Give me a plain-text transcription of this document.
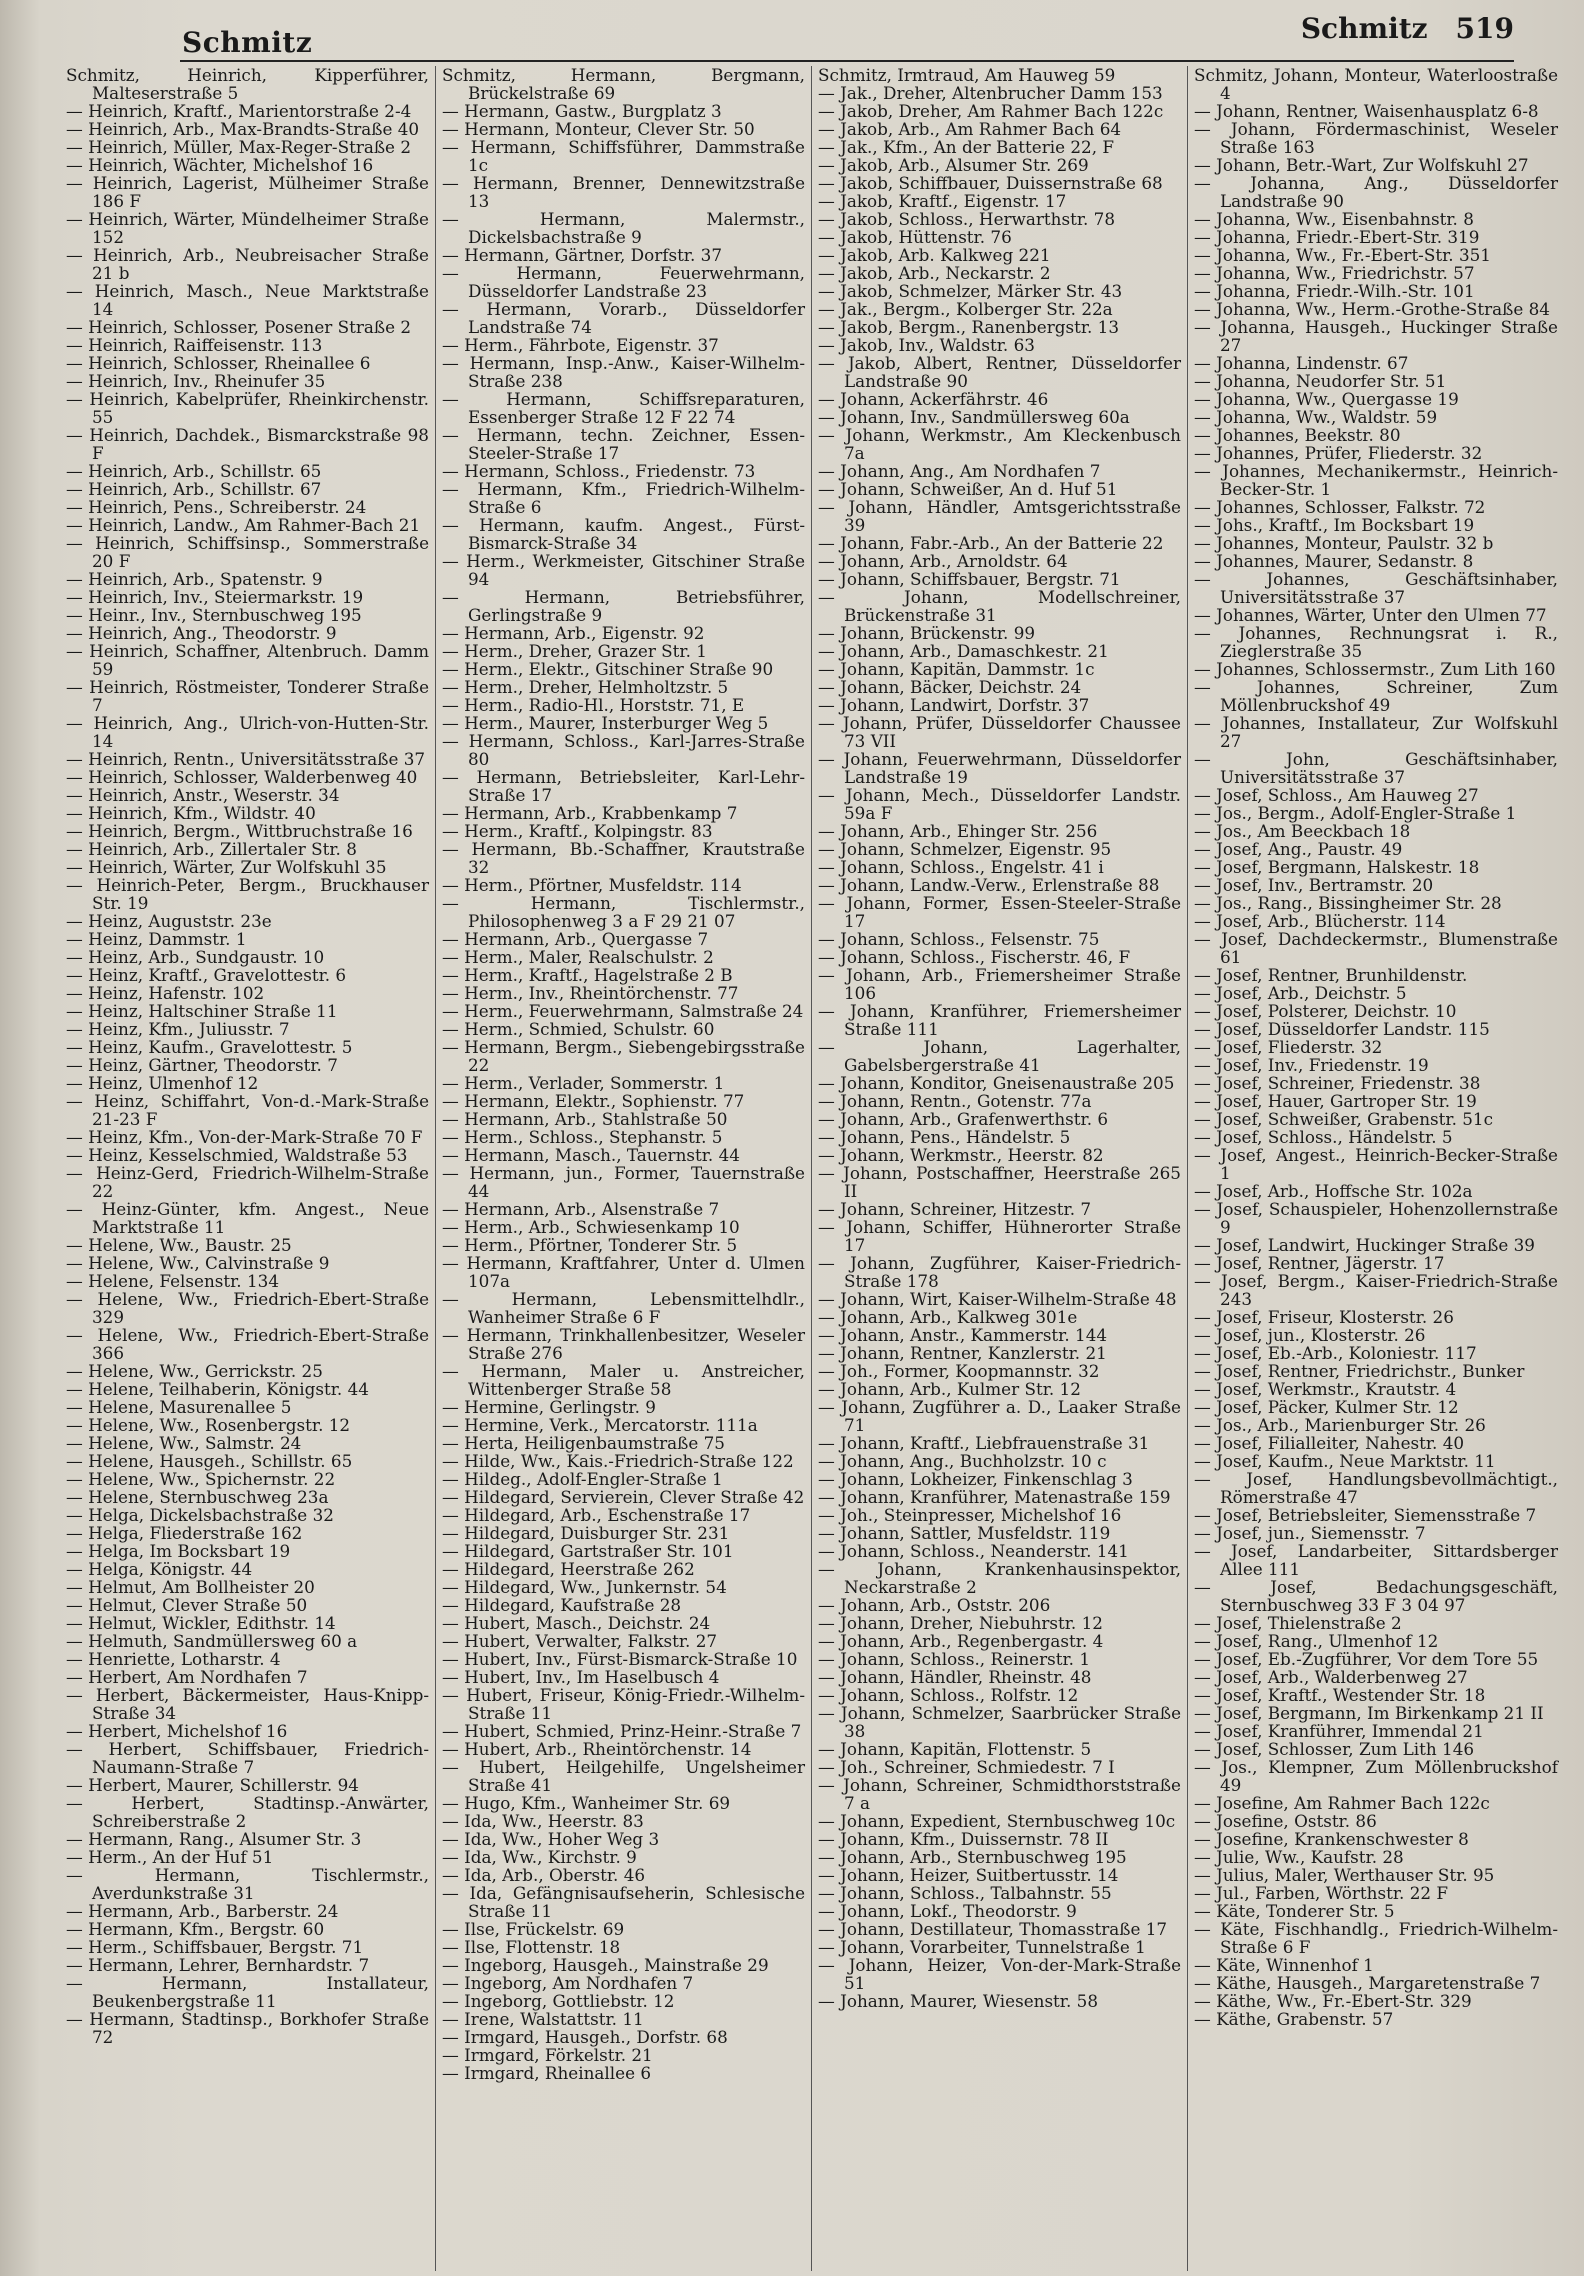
Schmitz	Schmitz 519
Schmitz, Heinrich, Kipperführer, Malteserstraße 5
— Heinrich, Kraftf., Marientorstraße 2-4
— Heinrich, Arb., Max-Brandts-Straße 40
— Heinrich, Müller, Max-Reger-Straße 2
— Heinrich, Wächter, Michelshof 16
— Heinrich, Lagerist, Mülheimer Straße 186 F
— Heinrich, Wärter, Mündelheimer Straße 152
— Heinrich, Arb., Neubreisacher Straße 21 b
— Heinrich, Masch., Neue Marktstraße 14
— Heinrich, Schlosser, Posener Straße 2
— Heinrich, Raiffeisenstr. 113
— Heinrich, Schlosser, Rheinallee 6
— Heinrich, Inv., Rheinufer 35
— Heinrich, Kabelprüfer, Rheinkirchenstr. 55
— Heinrich, Dachdek., Bismarckstraße 98 F
— Heinrich, Arb., Schillstr. 65
— Heinrich, Arb., Schillstr. 67
— Heinrich, Pens., Schreiberstr. 24
— Heinrich, Landw., Am Rahmer-Bach 21
— Heinrich, Schiffsinsp., Sommerstraße 20 F
— Heinrich, Arb., Spatenstr. 9
— Heinrich, Inv., Steiermarkstr. 19
— Heinr., Inv., Sternbuschweg 195
— Heinrich, Ang., Theodorstr. 9
— Heinrich, Schaffner, Altenbruch. Damm 59
— Heinrich, Röstmeister, Tonderer Straße 7
— Heinrich, Ang., Ulrich-von-Hutten-Str. 14
— Heinrich, Rentn., Universitätsstraße 37
— Heinrich, Schlosser, Walderbenweg 40
— Heinrich, Anstr., Weserstr. 34
— Heinrich, Kfm., Wildstr. 40
— Heinrich, Bergm., Wittbruchstraße 16
— Heinrich, Arb., Zillertaler Str. 8
— Heinrich, Wärter, Zur Wolfskuhl 35
— Heinrich-Peter, Bergm., Bruckhauser Str. 19
— Heinz, Auguststr. 23e
— Heinz, Dammstr. 1
— Heinz, Arb., Sundgaustr. 10
— Heinz, Kraftf., Gravelottestr. 6
— Heinz, Hafenstr. 102
— Heinz, Haltschiner Straße 11
— Heinz, Kfm., Juliusstr. 7
— Heinz, Kaufm., Gravelottestr. 5
— Heinz, Gärtner, Theodorstr. 7
— Heinz, Ulmenhof 12
— Heinz, Schiffahrt, Von-d.-Mark-Straße 21-23 F
— Heinz, Kfm., Von-der-Mark-Straße 70 F
— Heinz, Kesselschmied, Waldstraße 53
— Heinz-Gerd, Friedrich-Wilhelm-Straße 22
— Heinz-Günter, kfm. Angest., Neue Marktstraße 11
— Helene, Ww., Baustr. 25
— Helene, Ww., Calvinstraße 9
— Helene, Felsenstr. 134
— Helene, Ww., Friedrich-Ebert-Straße 329
— Helene, Ww., Friedrich-Ebert-Straße 366
— Helene, Ww., Gerrickstr. 25
— Helene, Teilhaberin, Königstr. 44
— Helene, Masurenallee 5
— Helene, Ww., Rosenbergstr. 12
— Helene, Ww., Salmstr. 24
— Helene, Hausgeh., Schillstr. 65
— Helene, Ww., Spichernstr. 22
— Helene, Sternbuschweg 23a
— Helga, Dickelsbachstraße 32
— Helga, Fliederstraße 162
— Helga, Im Bocksbart 19
— Helga, Königstr. 44
— Helmut, Am Bollheister 20
— Helmut, Clever Straße 50
— Helmut, Wickler, Edithstr. 14
— Helmuth, Sandmüllersweg 60 a
— Henriette, Lotharstr. 4
— Herbert, Am Nordhafen 7
— Herbert, Bäckermeister, Haus-Knipp-Straße 34
— Herbert, Michelshof 16
— Herbert, Schiffsbauer, Friedrich-Naumann-Straße 7
— Herbert, Maurer, Schillerstr. 94
— Herbert, Stadtinsp.-Anwärter, Schreiberstraße 2
— Hermann, Rang., Alsumer Str. 3
— Herm., An der Huf 51
— Hermann, Tischlermstr., Averdunkstraße 31
— Hermann, Arb., Barberstr. 24
— Hermann, Kfm., Bergstr. 60
— Herm., Schiffsbauer, Bergstr. 71
— Hermann, Lehrer, Bernhardstr. 7
— Hermann, Installateur, Beukenbergstraße 11
— Hermann, Stadtinsp., Borkhofer Straße 72
Schmitz, Hermann, Bergmann, Brückelstraße 69
— Hermann, Gastw., Burgplatz 3
— Hermann, Monteur, Clever Str. 50
— Hermann, Schiffsführer, Dammstraße 1c
— Hermann, Brenner, Dennewitzstraße 13
— Hermann, Malermstr., Dickelsbachstraße 9
— Hermann, Gärtner, Dorfstr. 37
— Hermann, Feuerwehrmann, Düsseldorfer Landstraße 23
— Hermann, Vorarb., Düsseldorfer Landstraße 74
— Herm., Fährbote, Eigenstr. 37
— Hermann, Insp.-Anw., Kaiser-Wilhelm-Straße 238
— Hermann, Schiffsreparaturen, Essenberger Straße 12 F 22 74
— Hermann, techn. Zeichner, Essen-Steeler-Straße 17
— Hermann, Schloss., Friedenstr. 73
— Hermann, Kfm., Friedrich-Wilhelm-Straße 6
— Hermann, kaufm. Angest., Fürst-Bismarck-Straße 34
— Herm., Werkmeister, Gitschiner Straße 94
— Hermann, Betriebsführer, Gerlingstraße 9
— Hermann, Arb., Eigenstr. 92
— Herm., Dreher, Grazer Str. 1
— Herm., Elektr., Gitschiner Straße 90
— Herm., Dreher, Helmholtzstr. 5
— Herm., Radio-Hl., Horststr. 71, E
— Herm., Maurer, Insterburger Weg 5
— Hermann, Schloss., Karl-Jarres-Straße 80
— Hermann, Betriebsleiter, Karl-Lehr-Straße 17
— Hermann, Arb., Krabbenkamp 7
— Herm., Kraftf., Kolpingstr. 83
— Hermann, Bb.-Schaffner, Krautstraße 32
— Herm., Pförtner, Musfeldstr. 114
— Hermann, Tischlermstr., Philosophenweg 3 a F 29 21 07
— Hermann, Arb., Quergasse 7
— Herm., Maler, Realschulstr. 2
— Herm., Kraftf., Hagelstraße 2 B
— Herm., Inv., Rheintörchenstr. 77
— Herm., Feuerwehrmann, Salmstraße 24
— Herm., Schmied, Schulstr. 60
— Hermann, Bergm., Siebengebirgsstraße 22
— Herm., Verlader, Sommerstr. 1
— Hermann, Elektr., Sophienstr. 77
— Hermann, Arb., Stahlstraße 50
— Herm., Schloss., Stephanstr. 5
— Hermann, Masch., Tauernstr. 44
— Hermann, jun., Former, Tauernstraße 44
— Hermann, Arb., Alsenstraße 7
— Herm., Arb., Schwiesenkamp 10
— Herm., Pförtner, Tonderer Str. 5
— Hermann, Kraftfahrer, Unter d. Ulmen 107a
— Hermann, Lebensmittelhdlr., Wanheimer Straße 6 F
— Hermann, Trinkhallenbesitzer, Weseler Straße 276
— Hermann, Maler u. Anstreicher, Wittenberger Straße 58
— Hermine, Gerlingstr. 9
— Hermine, Verk., Mercatorstr. 111a
— Herta, Heiligenbaumstraße 75
— Hilde, Ww., Kais.-Friedrich-Straße 122
— Hildeg., Adolf-Engler-Straße 1
— Hildegard, Servierein, Clever Straße 42
— Hildegard, Arb., Eschenstraße 17
— Hildegard, Duisburger Str. 231
— Hildegard, Gartstraßer Str. 101
— Hildegard, Heerstraße 262
— Hildegard, Ww., Junkernstr. 54
— Hildegard, Kaufstraße 28
— Hubert, Masch., Deichstr. 24
— Hubert, Verwalter, Falkstr. 27
— Hubert, Inv., Fürst-Bismarck-Straße 10
— Hubert, Inv., Im Haselbusch 4
— Hubert, Friseur, König-Friedr.-Wilhelm-Straße 11
— Hubert, Schmied, Prinz-Heinr.-Straße 7
— Hubert, Arb., Rheintörchenstr. 14
— Hubert, Heilgehilfe, Ungelsheimer Straße 41
— Hugo, Kfm., Wanheimer Str. 69
— Ida, Ww., Heerstr. 83
— Ida, Ww., Hoher Weg 3
— Ida, Ww., Kirchstr. 9
— Ida, Arb., Oberstr. 46
— Ida, Gefängnisaufseherin, Schlesische Straße 11
— Ilse, Frückelstr. 69
— Ilse, Flottenstr. 18
— Ingeborg, Hausgeh., Mainstraße 29
— Ingeborg, Am Nordhafen 7
— Ingeborg, Gottliebstr. 12
— Irene, Walstattstr. 11
— Irmgard, Hausgeh., Dorfstr. 68
— Irmgard, Förkelstr. 21
— Irmgard, Rheinallee 6
Schmitz, Irmtraud, Am Hauweg 59
— Jak., Dreher, Altenbrucher Damm 153
— Jakob, Dreher, Am Rahmer Bach 122c
— Jakob, Arb., Am Rahmer Bach 64
— Jak., Kfm., An der Batterie 22, F
— Jakob, Arb., Alsumer Str. 269
— Jakob, Schiffbauer, Duissernstraße 68
— Jakob, Kraftf., Eigenstr. 17
— Jakob, Schloss., Herwarthstr. 78
— Jakob, Hüttenstr. 76
— Jakob, Arb. Kalkweg 221
— Jakob, Arb., Neckarstr. 2
— Jakob, Schmelzer, Märker Str. 43
— Jak., Bergm., Kolberger Str. 22a
— Jakob, Bergm., Ranenbergstr. 13
— Jakob, Inv., Waldstr. 63
— Jakob, Albert, Rentner, Düsseldorfer Landstraße 90
— Johann, Ackerfährstr. 46
— Johann, Inv., Sandmüllersweg 60a
— Johann, Werkmstr., Am Kleckenbusch 7a
— Johann, Ang., Am Nordhafen 7
— Johann, Schweißer, An d. Huf 51
— Johann, Händler, Amtsgerichtsstraße 39
— Johann, Fabr.-Arb., An der Batterie 22
— Johann, Arb., Arnoldstr. 64
— Johann, Schiffsbauer, Bergstr. 71
— Johann, Modellschreiner, Brückenstraße 31
— Johann, Brückenstr. 99
— Johann, Arb., Damaschkestr. 21
— Johann, Kapitän, Dammstr. 1c
— Johann, Bäcker, Deichstr. 24
— Johann, Landwirt, Dorfstr. 37
— Johann, Prüfer, Düsseldorfer Chaussee 73 VII
— Johann, Feuerwehrmann, Düsseldorfer Landstraße 19
— Johann, Mech., Düsseldorfer Landstr. 59a F
— Johann, Arb., Ehinger Str. 256
— Johann, Schmelzer, Eigenstr. 95
— Johann, Schloss., Engelstr. 41 i
— Johann, Landw.-Verw., Erlenstraße 88
— Johann, Former, Essen-Steeler-Straße 17
— Johann, Schloss., Felsenstr. 75
— Johann, Schloss., Fischerstr. 46, F
— Johann, Arb., Friemersheimer Straße 106
— Johann, Kranführer, Friemersheimer Straße 111
— Johann, Lagerhalter, Gabelsbergerstraße 41
— Johann, Konditor, Gneisenaustraße 205
— Johann, Rentn., Gotenstr. 77a
— Johann, Arb., Grafenwerthstr. 6
— Johann, Pens., Händelstr. 5
— Johann, Werkmstr., Heerstr. 82
— Johann, Postschaffner, Heerstraße 265 II
— Johann, Schreiner, Hitzestr. 7
— Johann, Schiffer, Hühnerorter Straße 17
— Johann, Zugführer, Kaiser-Friedrich-Straße 178
— Johann, Wirt, Kaiser-Wilhelm-Straße 48
— Johann, Arb., Kalkweg 301e
— Johann, Anstr., Kammerstr. 144
— Johann, Rentner, Kanzlerstr. 21
— Joh., Former, Koopmannstr. 32
— Johann, Arb., Kulmer Str. 12
— Johann, Zugführer a. D., Laaker Straße 71
— Johann, Kraftf., Liebfrauenstraße 31
— Johann, Ang., Buchholzstr. 10 c
— Johann, Lokheizer, Finkenschlag 3
— Johann, Kranführer, Matenastraße 159
— Joh., Steinpresser, Michelshof 16
— Johann, Sattler, Musfeldstr. 119
— Johann, Schloss., Neanderstr. 141
— Johann, Krankenhausinspektor, Neckarstraße 2
— Johann, Arb., Oststr. 206
— Johann, Dreher, Niebuhrstr. 12
— Johann, Arb., Regenbergastr. 4
— Johann, Schloss., Reinerstr. 1
— Johann, Händler, Rheinstr. 48
— Johann, Schloss., Rolfstr. 12
— Johann, Schmelzer, Saarbrücker Straße 38
— Johann, Kapitän, Flottenstr. 5
— Joh., Schreiner, Schmiedestr. 7 I
— Johann, Schreiner, Schmidthorststraße 7 a
— Johann, Expedient, Sternbuschweg 10c
— Johann, Kfm., Duissernstr. 78 II
— Johann, Arb., Sternbuschweg 195
— Johann, Heizer, Suitbertusstr. 14
— Johann, Schloss., Talbahnstr. 55
— Johann, Lokf., Theodorstr. 9
— Johann, Destillateur, Thomasstraße 17
— Johann, Vorarbeiter, Tunnelstraße 1
— Johann, Heizer, Von-der-Mark-Straße 51
— Johann, Maurer, Wiesenstr. 58
Schmitz, Johann, Monteur, Waterloostraße 4
— Johann, Rentner, Waisenhausplatz 6-8
— Johann, Fördermaschinist, Weseler Straße 163
— Johann, Betr.-Wart, Zur Wolfskuhl 27
— Johanna, Ang., Düsseldorfer Landstraße 90
— Johanna, Ww., Eisenbahnstr. 8
— Johanna, Friedr.-Ebert-Str. 319
— Johanna, Ww., Fr.-Ebert-Str. 351
— Johanna, Ww., Friedrichstr. 57
— Johanna, Friedr.-Wilh.-Str. 101
— Johanna, Ww., Herm.-Grothe-Straße 84
— Johanna, Hausgeh., Huckinger Straße 27
— Johanna, Lindenstr. 67
— Johanna, Neudorfer Str. 51
— Johanna, Ww., Quergasse 19
— Johanna, Ww., Waldstr. 59
— Johannes, Beekstr. 80
— Johannes, Prüfer, Fliederstr. 32
— Johannes, Mechanikermstr., Heinrich-Becker-Str. 1
— Johannes, Schlosser, Falkstr. 72
— Johs., Kraftf., Im Bocksbart 19
— Johannes, Monteur, Paulstr. 32 b
— Johannes, Maurer, Sedanstr. 8
— Johannes, Geschäftsinhaber, Universitätsstraße 37
— Johannes, Wärter, Unter den Ulmen 77
— Johannes, Rechnungsrat i. R., Zieglerstraße 35
— Johannes, Schlossermstr., Zum Lith 160
— Johannes, Schreiner, Zum Möllenbruckshof 49
— Johannes, Installateur, Zur Wolfskuhl 27
— John, Geschäftsinhaber, Universitätsstraße 37
— Josef, Schloss., Am Hauweg 27
— Jos., Bergm., Adolf-Engler-Straße 1
— Jos., Am Beeckbach 18
— Josef, Ang., Paustr. 49
— Josef, Bergmann, Halskestr. 18
— Josef, Inv., Bertramstr. 20
— Jos., Rang., Bissingheimer Str. 28
— Josef, Arb., Blücherstr. 114
— Josef, Dachdeckermstr., Blumenstraße 61
— Josef, Rentner, Brunhildenstr.
— Josef, Arb., Deichstr. 5
— Josef, Polsterer, Deichstr. 10
— Josef, Düsseldorfer Landstr. 115
— Josef, Fliederstr. 32
— Josef, Inv., Friedenstr. 19
— Josef, Schreiner, Friedenstr. 38
— Josef, Hauer, Gartroper Str. 19
— Josef, Schweißer, Grabenstr. 51c
— Josef, Schloss., Händelstr. 5
— Josef, Angest., Heinrich-Becker-Straße 1
— Josef, Arb., Hoffsche Str. 102a
— Josef, Schauspieler, Hohenzollernstraße 9
— Josef, Landwirt, Huckinger Straße 39
— Josef, Rentner, Jägerstr. 17
— Josef, Bergm., Kaiser-Friedrich-Straße 243
— Josef, Friseur, Klosterstr. 26
— Josef, jun., Klosterstr. 26
— Josef, Eb.-Arb., Koloniestr. 117
— Josef, Rentner, Friedrichstr., Bunker
— Josef, Werkmstr., Krautstr. 4
— Josef, Päcker, Kulmer Str. 12
— Jos., Arb., Marienburger Str. 26
— Josef, Filialleiter, Nahestr. 40
— Josef, Kaufm., Neue Marktstr. 11
— Josef, Handlungsbevollmächtigt., Römerstraße 47
— Josef, Betriebsleiter, Siemensstraße 7
— Josef, jun., Siemensstr. 7
— Josef, Landarbeiter, Sittardsberger Allee 111
— Josef, Bedachungsgeschäft, Sternbuschweg 33 F 3 04 97
— Josef, Thielenstraße 2
— Josef, Rang., Ulmenhof 12
— Josef, Eb.-Zugführer, Vor dem Tore 55
— Josef, Arb., Walderbenweg 27
— Josef, Kraftf., Westender Str. 18
— Josef, Bergmann, Im Birkenkamp 21 II
— Josef, Kranführer, Immendal 21
— Josef, Schlosser, Zum Lith 146
— Jos., Klempner, Zum Möllenbruckshof 49
— Josefine, Am Rahmer Bach 122c
— Josefine, Oststr. 86
— Josefine, Krankenschwester 8
— Julie, Ww., Kaufstr. 28
— Julius, Maler, Werthauser Str. 95
— Jul., Farben, Wörthstr. 22 F
— Käte, Tonderer Str. 5
— Käte, Fischhandlg., Friedrich-Wilhelm-Straße 6 F
— Käte, Winnenhof 1
— Käthe, Hausgeh., Margaretenstraße 7
— Käthe, Ww., Fr.-Ebert-Str. 329
— Käthe, Grabenstr. 57
